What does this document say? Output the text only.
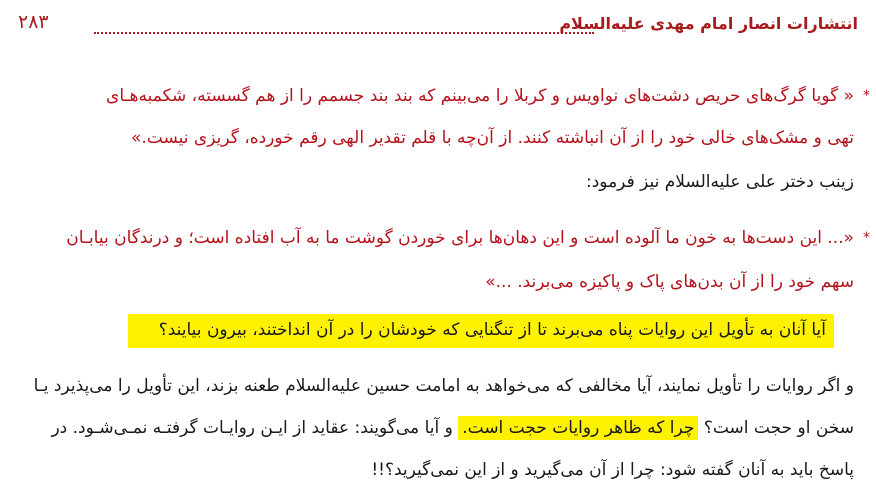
انتشارات انصار امام مهدی علیه‌السلام
۲۸۳
*
« گویا گرگ‌های حریص دشت‌های نواویس و کربلا را می‌بینم که بند بند جسمم را از هم گسسته، شکمبه‌هـای
تهی و مشک‌های خالی خود را از آن انباشته کنند. از آن‌چه با قلم تقدیر الهی رقم خورده، گریزی نیست.»
زینب دختر علی علیه‌السلام نیز فرمود:
*
«... این دست‌ها به خون ما آلوده است و این دهان‌ها برای خوردن گوشت ما به آب افتاده است؛ و درندگان بیابـان
سهم خود را از آن بدن‌های پاک و پاکیزه می‌برند. ...»
آیا آنان به تأویل این روایات پناه می‌برند تا از تنگنایی که خودشان را در آن انداختند، بیرون بیایند؟
و اگر روایات را تأویل نمایند، آیا مخالفی که می‌خواهد به امامت حسین علیه‌السلام طعنه بزند، این تأویل را می‌پذیرد یـا
سخن او حجت است؟ چرا که ظاهر روایات حجت است. و آیا می‌گویند: عقاید از ایـن روایـات گرفتـه نمـی‌شـود. در
پاسخ باید به آنان گفته شود: چرا از آن می‌گیرید و از این نمی‌گیرید؟!!
